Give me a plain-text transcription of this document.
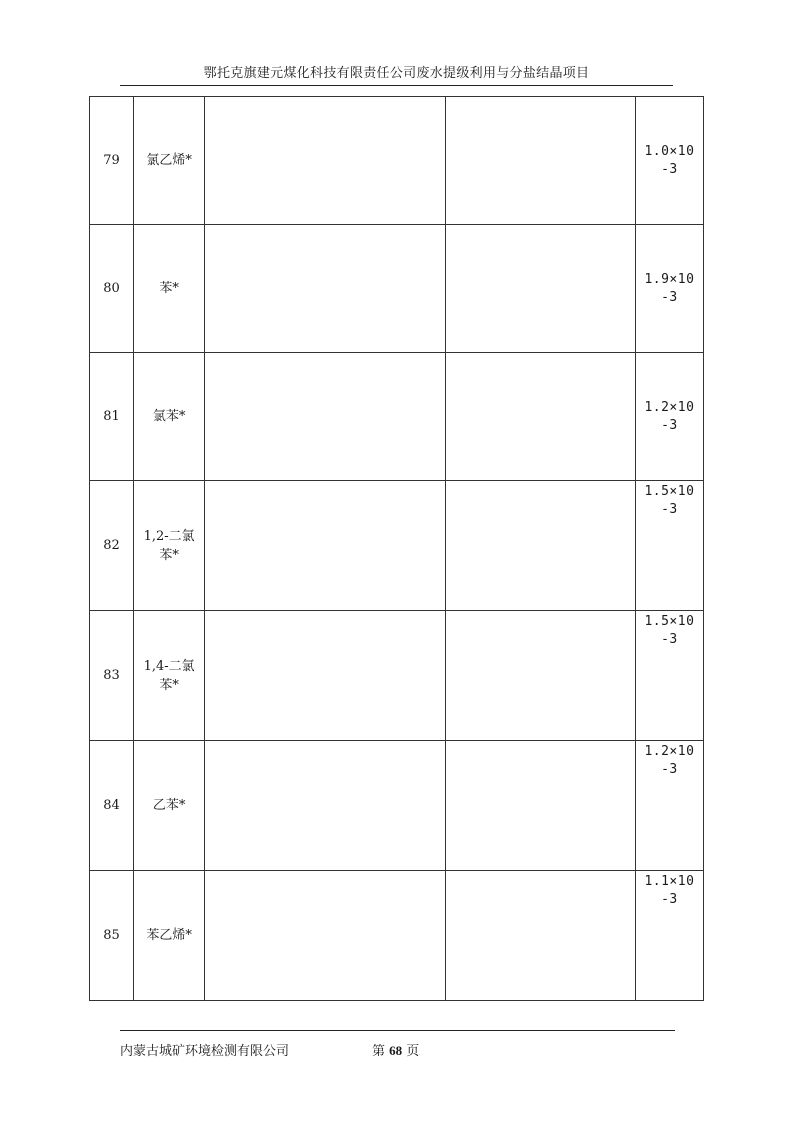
鄂托克旗建元煤化科技有限责任公司废水提级利用与分盐结晶项目
79	氯乙烯*			1.0×10
-3

80	苯*			1.9×10
-3

81	氯苯*			1.2×10
-3

82	1,2-二氯苯*			1.5×10
-3

83	1,4-二氯苯*			1.5×10
-3

84	乙苯*			1.2×10
-3

85	苯乙烯*			1.1×10
-3
内蒙古城矿环境检测有限公司	第 68 页
